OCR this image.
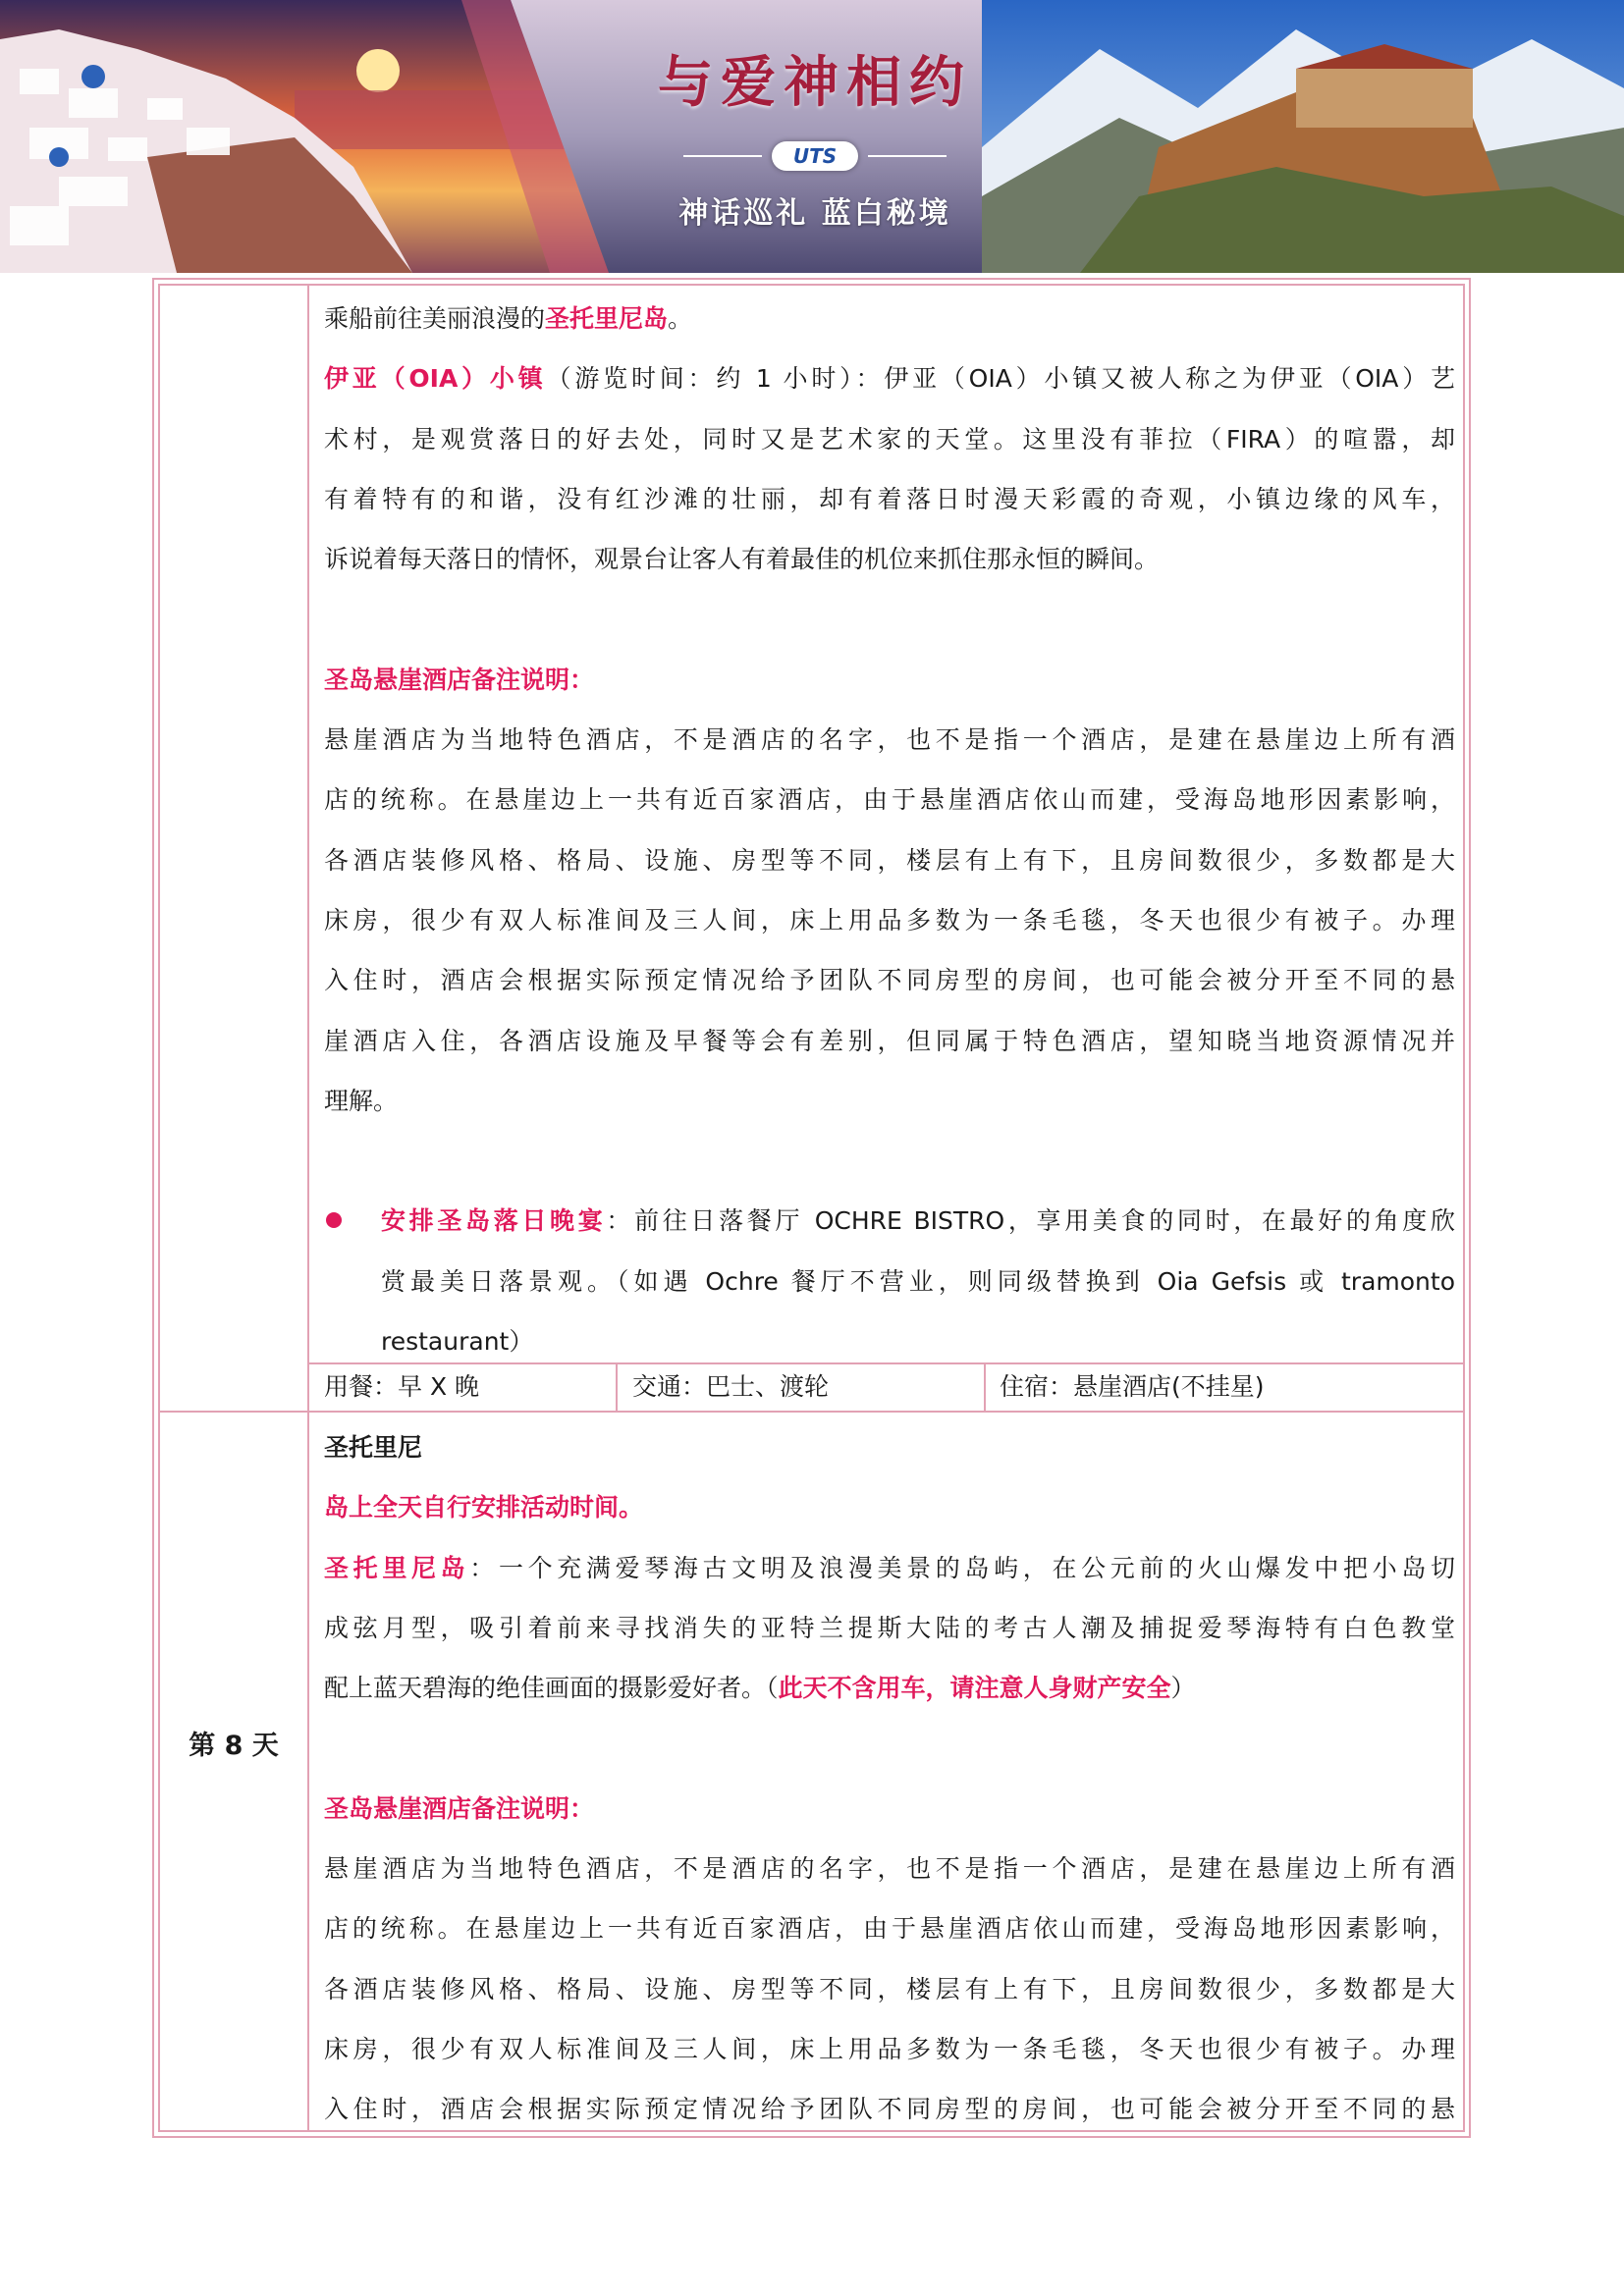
与爱神相约
UTS
神话巡礼 蓝白秘境
乘船前往美丽浪漫的圣托里尼岛。
伊亚（OIA）小镇（游览时间：约 1 小时）：伊亚（OIA）小镇又被人称之为伊亚（OIA）艺
术村，是观赏落日的好去处，同时又是艺术家的天堂。这里没有菲拉（FIRA）的喧嚣，却
有着特有的和谐，没有红沙滩的壮丽，却有着落日时漫天彩霞的奇观，小镇边缘的风车，
诉说着每天落日的情怀，观景台让客人有着最佳的机位来抓住那永恒的瞬间。
圣岛悬崖酒店备注说明：
悬崖酒店为当地特色酒店，不是酒店的名字，也不是指一个酒店，是建在悬崖边上所有酒
店的统称。在悬崖边上一共有近百家酒店，由于悬崖酒店依山而建，受海岛地形因素影响，
各酒店装修风格、格局、设施、房型等不同，楼层有上有下，且房间数很少，多数都是大
床房，很少有双人标准间及三人间，床上用品多数为一条毛毯，冬天也很少有被子。办理
入住时，酒店会根据实际预定情况给予团队不同房型的房间，也可能会被分开至不同的悬
崖酒店入住，各酒店设施及早餐等会有差别，但同属于特色酒店，望知晓当地资源情况并
理解。
安排圣岛落日晚宴：前往日落餐厅 OCHRE BISTRO，享用美食的同时，在最好的角度欣
赏最美日落景观。（如遇 Ochre 餐厅不营业，则同级替换到 Oia Gefsis 或 tramonto
restaurant）
用餐：早 X 晚	交通：巴士、渡轮	住宿：悬崖酒店(不挂星)
第 8 天
圣托里尼
岛上全天自行安排活动时间。
圣托里尼岛：一个充满爱琴海古文明及浪漫美景的岛屿，在公元前的火山爆发中把小岛切
成弦月型，吸引着前来寻找消失的亚特兰提斯大陆的考古人潮及捕捉爱琴海特有白色教堂
配上蓝天碧海的绝佳画面的摄影爱好者。（此天不含用车，请注意人身财产安全）
圣岛悬崖酒店备注说明：
悬崖酒店为当地特色酒店，不是酒店的名字，也不是指一个酒店，是建在悬崖边上所有酒
店的统称。在悬崖边上一共有近百家酒店，由于悬崖酒店依山而建，受海岛地形因素影响，
各酒店装修风格、格局、设施、房型等不同，楼层有上有下，且房间数很少，多数都是大
床房，很少有双人标准间及三人间，床上用品多数为一条毛毯，冬天也很少有被子。办理
入住时，酒店会根据实际预定情况给予团队不同房型的房间，也可能会被分开至不同的悬
